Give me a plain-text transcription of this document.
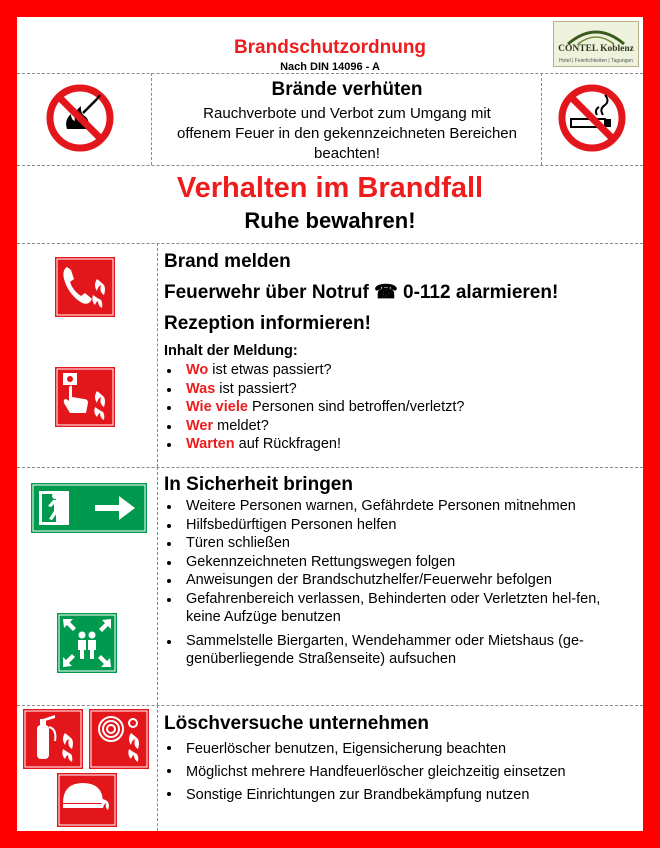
Brandschutzordnung
Nach DIN 14096 - A
CONTEL Koblenz
Hotel | Feierlichkeiten | Tagungen
Brände verhüten
Rauchverbote und Verbot zum Umgang mit offenem Feuer in den gekennzeichneten Bereichen beachten!
Verhalten im Brandfall
Ruhe bewahren!
Brand melden
Feuerwehr über Notruf ☎ 0-112 alarmieren!
Rezeption informieren!
Inhalt der Meldung:
Wo ist etwas passiert?
Was ist passiert?
Wie viele Personen sind betroffen/verletzt?
Wer meldet?
Warten auf Rückfragen!
In Sicherheit bringen
Weitere Personen warnen, Gefährdete Personen mitnehmen
Hilfsbedürftigen Personen helfen
Türen schließen
Gekennzeichneten Rettungswegen folgen
Anweisungen der Brandschutzhelfer/Feuerwehr befolgen
Gefahrenbereich verlassen, Behinderten oder Verletzten hel-fen, keine Aufzüge benutzen
Sammelstelle Biergarten, Wendehammer oder Mietshaus (ge-genüberliegende Straßenseite) aufsuchen
Löschversuche unternehmen
Feuerlöscher benutzen, Eigensicherung beachten
Möglichst mehrere Handfeuerlöscher gleichzeitig einsetzen
Sonstige Einrichtungen zur Brandbekämpfung nutzen
